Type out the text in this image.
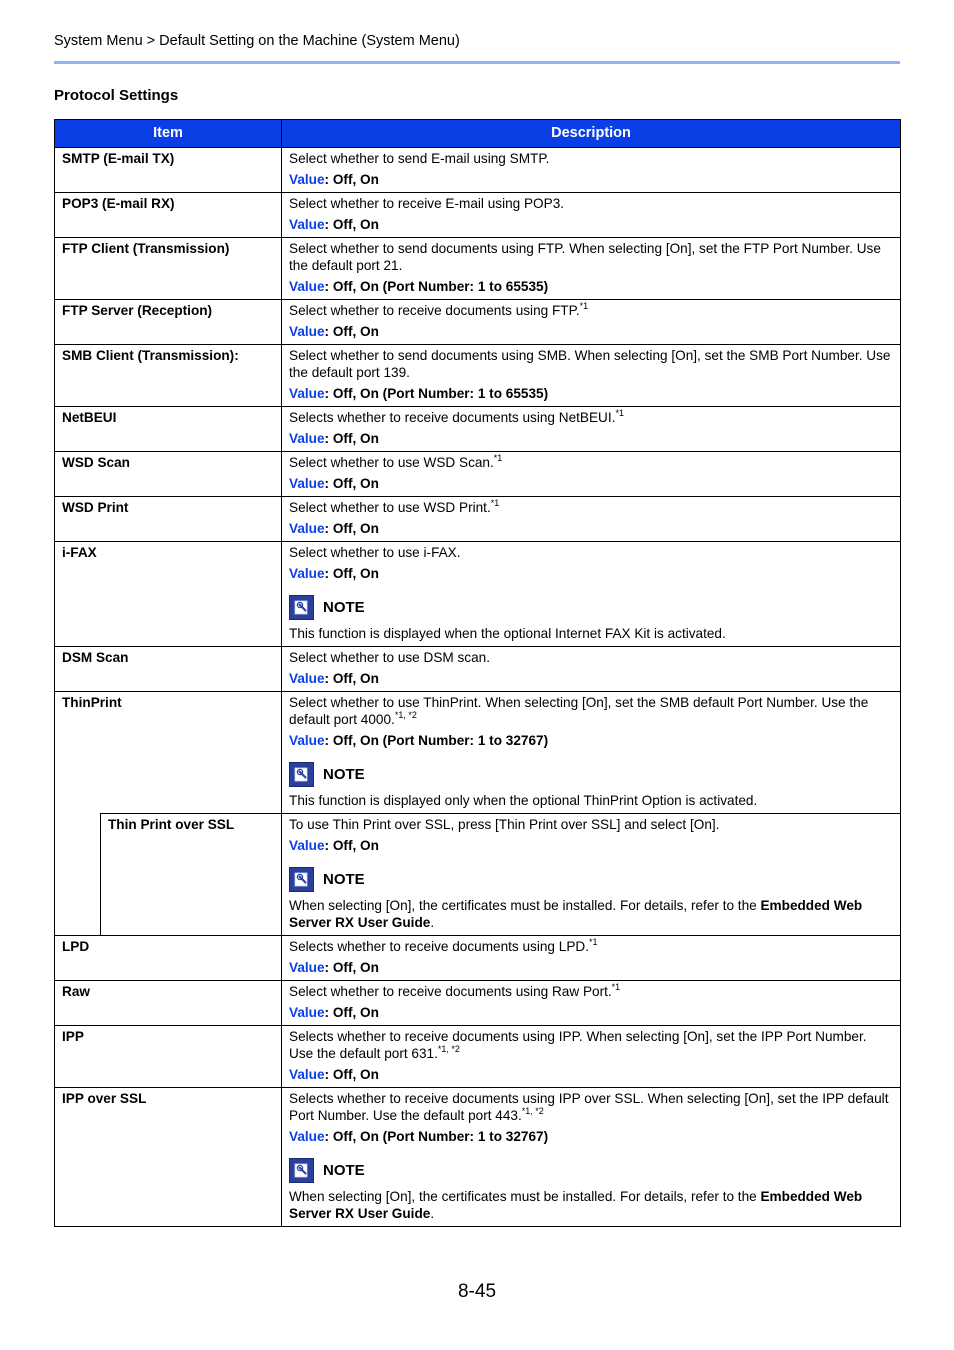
System Menu > Default Setting on the Machine (System Menu)
Protocol Settings
Item		Description
SMTP (E-mail TX)		Select whether to send E-mail using SMTP.
Value: Off, On

POP3 (E-mail RX)		Select whether to receive E-mail using POP3.
Value: Off, On

FTP Client (Transmission)		Select whether to send documents using FTP. When selecting [On], set the FTP Port Number. Use the default port 21.
Value: Off, On (Port Number: 1 to 65535)

FTP Server (Reception)		Select whether to receive documents using FTP.$^{*1}$
Value: Off, On

SMB Client (Transmission):		Select whether to send documents using SMB. When selecting [On], set the SMB Port Number. Use the default port 139.
Value: Off, On (Port Number: 1 to 65535)

NetBEUI		Selects whether to receive documents using NetBEUI.$^{*1}$
Value: Off, On

WSD Scan		Select whether to use WSD Scan.$^{*1}$
Value: Off, On

WSD Print		Select whether to use WSD Print.$^{*1}$
Value: Off, On

i-FAX		Select whether to use i-FAX.
Value: Off, On
NOTE
This function is displayed when the optional Internet FAX Kit is activated.

DSM Scan		Select whether to use DSM scan.
Value: Off, On

ThinPrint		Select whether to use ThinPrint. When selecting [On], set the SMB default Port Number. Use the default port 4000.$^{*1, *2}$
Value: Off, On (Port Number: 1 to 32767)
NOTE
This function is displayed only when the optional ThinPrint Option is activated.

	Thin Print over SSL	To use Thin Print over SSL, press [Thin Print over SSL] and select [On].
Value: Off, On
NOTE
When selecting [On], the certificates must be installed. For details, refer to the Embedded Web Server RX User Guide.

LPD		Selects whether to receive documents using LPD.$^{*1}$
Value: Off, On

Raw		Select whether to receive documents using Raw Port.$^{*1}$
Value: Off, On

IPP		Selects whether to receive documents using IPP. When selecting [On], set the IPP Port Number. Use the default port 631.$^{*1, *2}$
Value: Off, On

IPP over SSL		Selects whether to receive documents using IPP over SSL. When selecting [On], set the IPP default Port Number. Use the default port 443.$^{*1, *2}$
Value: Off, On (Port Number: 1 to 32767)
NOTE
When selecting [On], the certificates must be installed. For details, refer to the Embedded Web Server RX User Guide.
8-45
